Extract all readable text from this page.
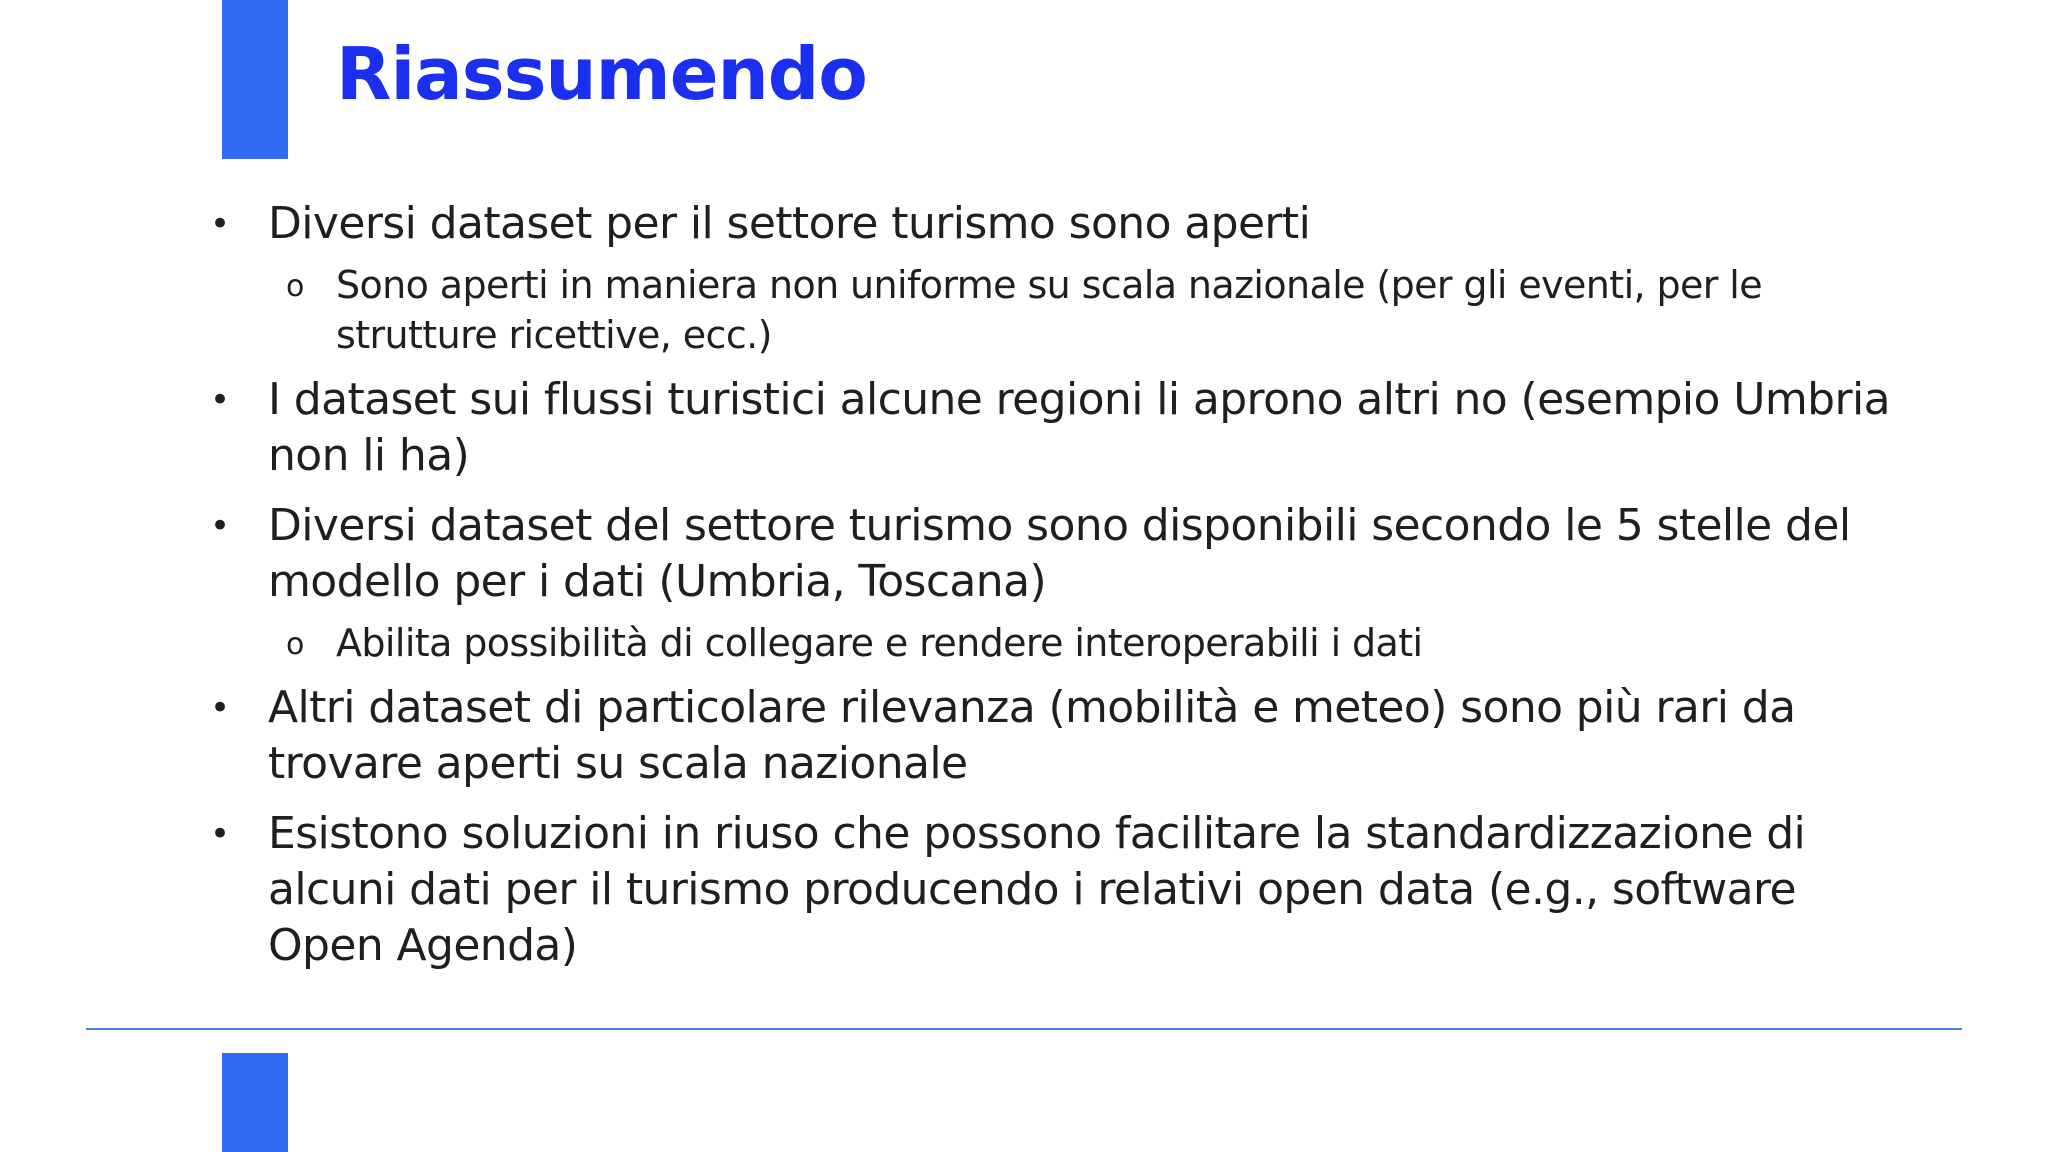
Riassumendo
• Diversi dataset per il settore turismo sono aperti
o Sono aperti in maniera non uniforme su scala nazionale (per gli eventi, per le strutture ricettive, ecc.)
• I dataset sui flussi turistici alcune regioni li aprono altri no (esempio Umbria non li ha)
• Diversi dataset del settore turismo sono disponibili secondo le 5 stelle del modello per i dati (Umbria, Toscana)
o Abilita possibilità di collegare e rendere interoperabili i dati
• Altri dataset di particolare rilevanza (mobilità e meteo) sono più rari da trovare aperti su scala nazionale
• Esistono soluzioni in riuso che possono facilitare la standardizzazione di alcuni dati per il turismo producendo i relativi open data (e.g., software Open Agenda)
